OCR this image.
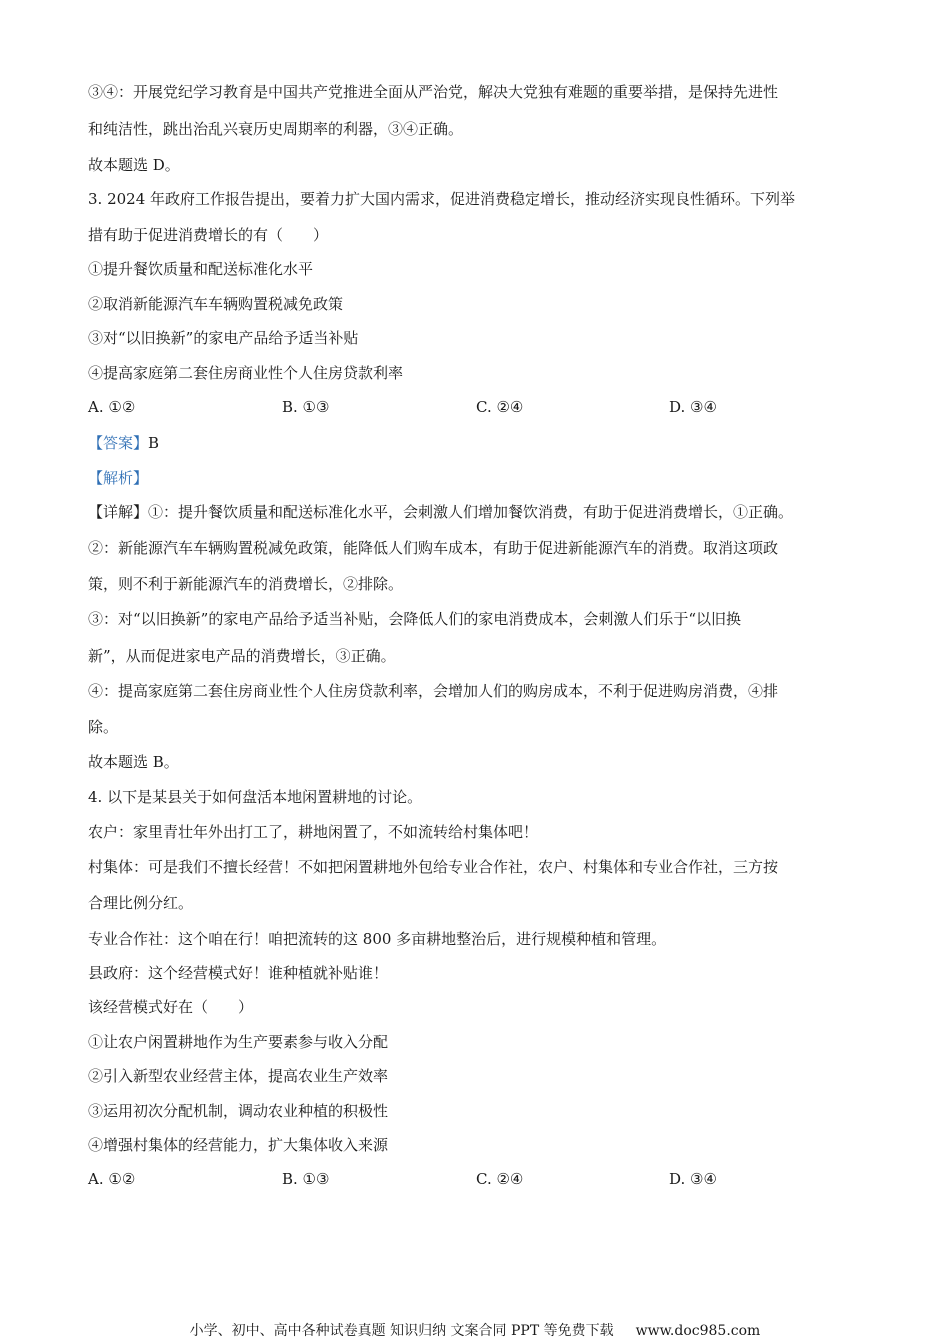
③④：开展党纪学习教育是中国共产党推进全面从严治党，解决大党独有难题的重要举措，是保持先进性
和纯洁性，跳出治乱兴衰历史周期率的利器，③④正确。
故本题选 D。
3. 2024 年政府工作报告提出，要着力扩大国内需求，促进消费稳定增长，推动经济实现良性循环。下列举
措有助于促进消费增长的有（　　）
①提升餐饮质量和配送标准化水平
②取消新能源汽车车辆购置税减免政策
③对“以旧换新”的家电产品给予适当补贴
④提高家庭第二套住房商业性个人住房贷款利率
A. ①②	B. ①③	C. ②④	D. ③④
【答案】B
【解析】
【详解】①：提升餐饮质量和配送标准化水平，会刺激人们增加餐饮消费，有助于促进消费增长，①正确。
②：新能源汽车车辆购置税减免政策，能降低人们购车成本，有助于促进新能源汽车的消费。取消这项政
策，则不利于新能源汽车的消费增长，②排除。
③：对“以旧换新”的家电产品给予适当补贴，会降低人们的家电消费成本，会刺激人们乐于“以旧换
新”，从而促进家电产品的消费增长，③正确。
④：提高家庭第二套住房商业性个人住房贷款利率，会增加人们的购房成本，不利于促进购房消费，④排
除。
故本题选 B。
4. 以下是某县关于如何盘活本地闲置耕地的讨论。
农户：家里青壮年外出打工了，耕地闲置了，不如流转给村集体吧！
村集体：可是我们不擅长经营！不如把闲置耕地外包给专业合作社，农户、村集体和专业合作社，三方按
合理比例分红。
专业合作社：这个咱在行！咱把流转的这 800 多亩耕地整治后，进行规模种植和管理。
县政府：这个经营模式好！谁种植就补贴谁！
该经营模式好在（　　）
①让农户闲置耕地作为生产要素参与收入分配
②引入新型农业经营主体，提高农业生产效率
③运用初次分配机制，调动农业种植的积极性
④增强村集体的经营能力，扩大集体收入来源
A. ①②	B. ①③	C. ②④	D. ③④
小学、初中、高中各种试卷真题 知识归纳 文案合同 PPT 等免费下载 www.doc985.com
